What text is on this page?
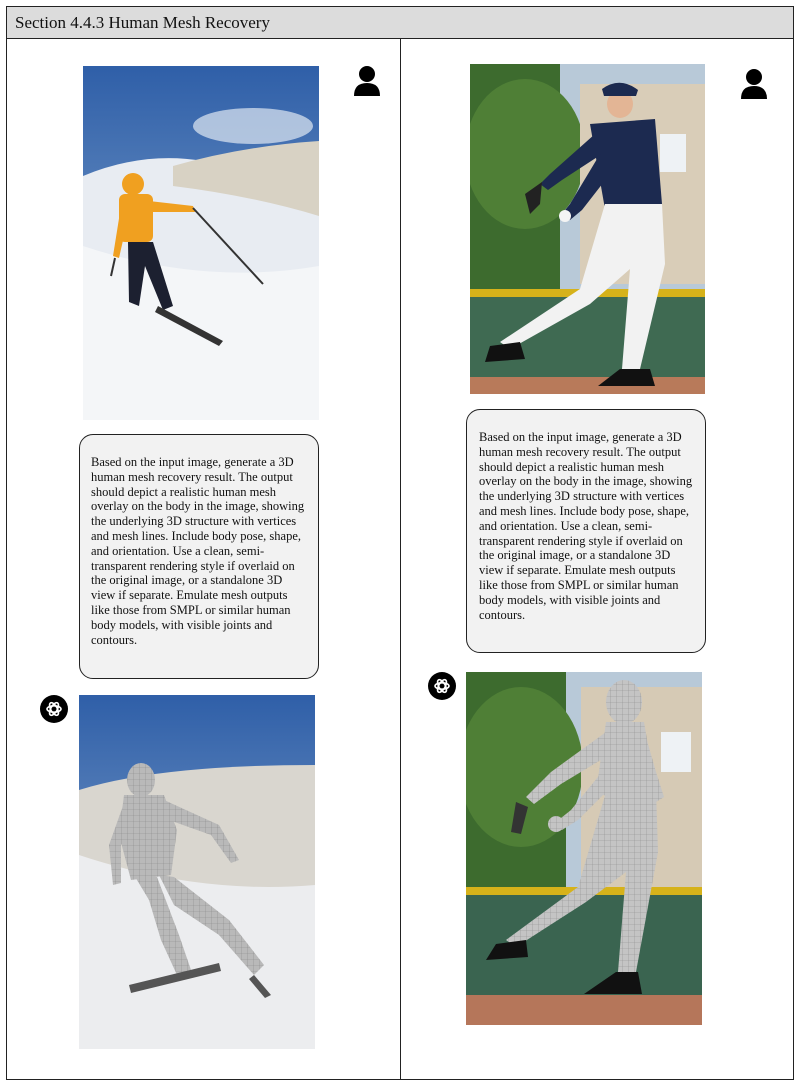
Section 4.4.3 Human Mesh Recovery
Based on the input image, generate a 3D human mesh recovery result. The output should depict a realistic human mesh overlay on the body in the image, showing the underlying 3D structure with vertices and mesh lines. Include body pose, shape, and orientation. Use a clean, semi-transparent rendering style if overlaid on the original image, or a standalone 3D view if separate. Emulate mesh outputs like those from SMPL or similar human body models, with visible joints and contours.
Based on the input image, generate a 3D human mesh recovery result. The output should depict a realistic human mesh overlay on the body in the image, showing the underlying 3D structure with vertices and mesh lines. Include body pose, shape, and orientation. Use a clean, semi-transparent rendering style if overlaid on the original image, or a standalone 3D view if separate. Emulate mesh outputs like those from SMPL or similar human body models, with visible joints and contours.
